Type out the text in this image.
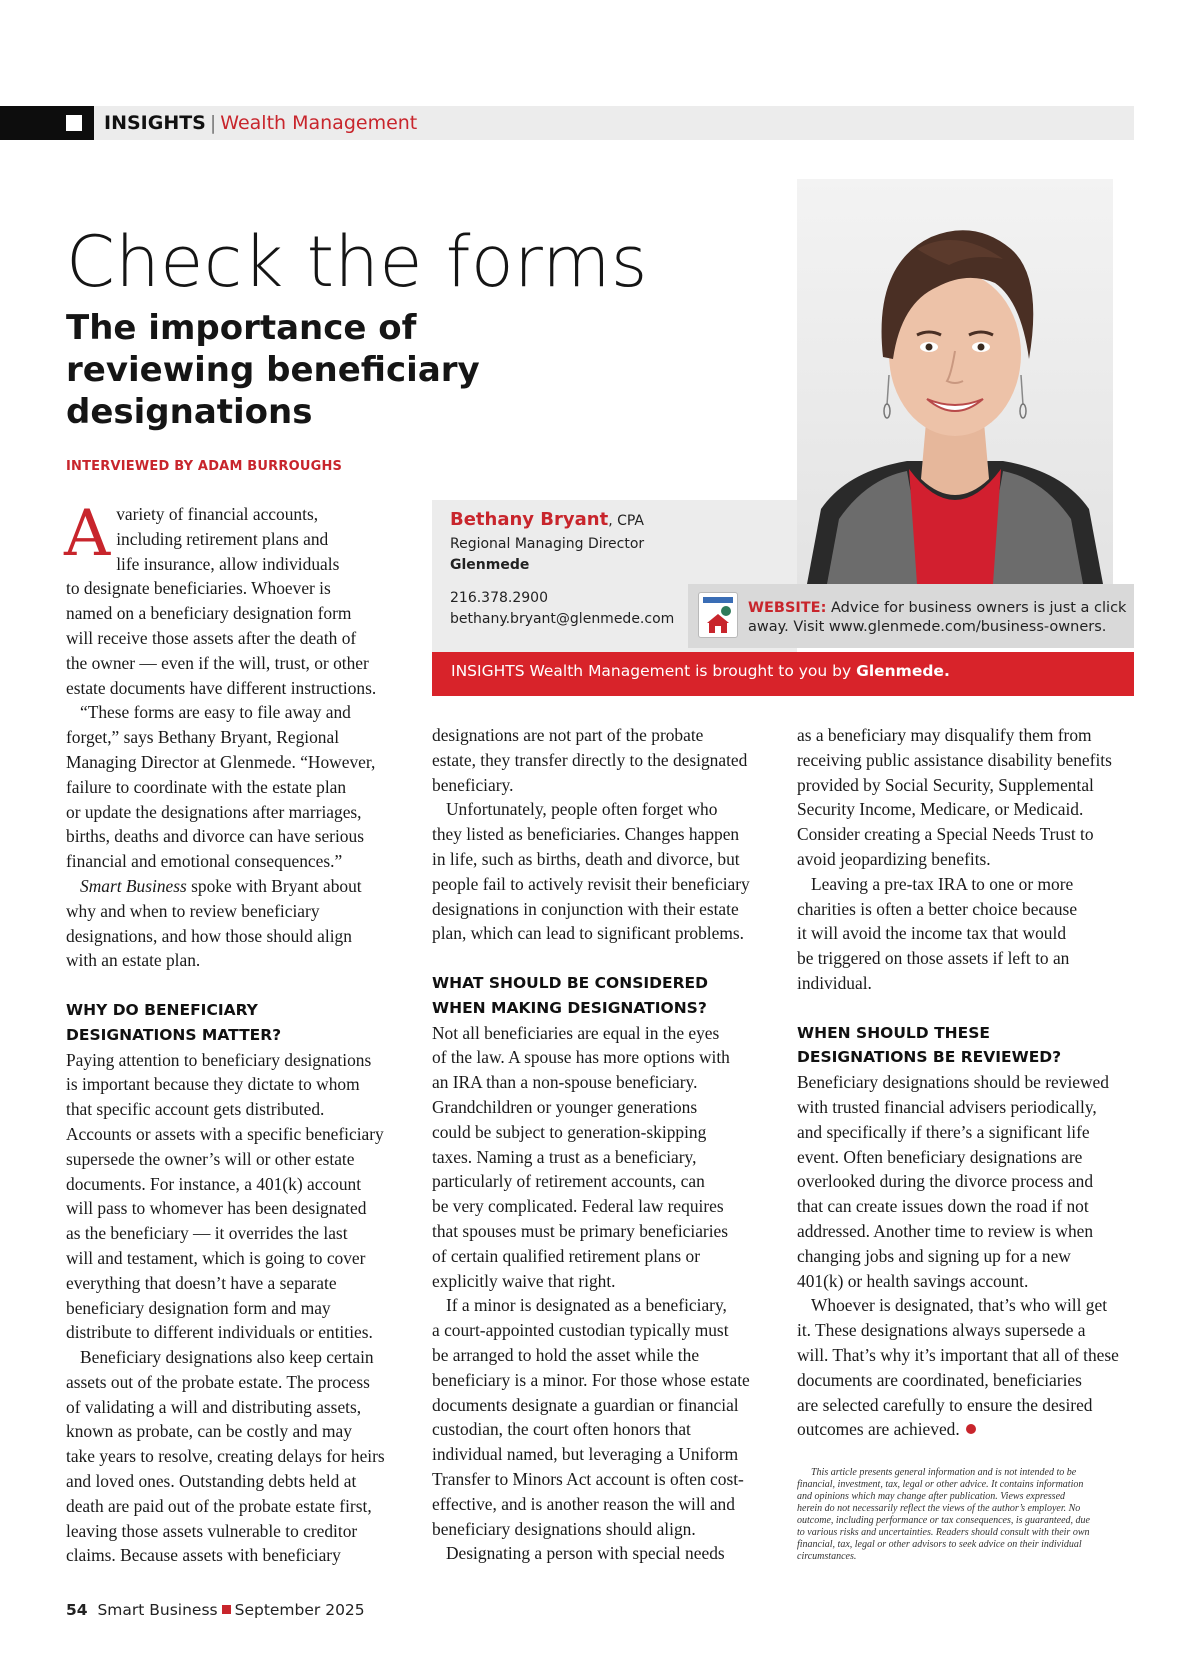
INSIGHTS | Wealth Management
Check the forms
The importance of reviewing beneficiary designations
INTERVIEWED BY ADAM BURROUGHS
Bethany Bryant, CPA
Regional Managing Director
Glenmede
216.378.2900
bethany.bryant@glenmede.com
WEBSITE: Advice for business owners is just a click
away. Visit www.glenmede.com/business-owners.
INSIGHTS Wealth Management is brought to you by Glenmede.
A variety of financial accounts,

including retirement plans and

life insurance, allow individuals

to designate beneficiaries. Whoever is

named on a beneficiary designation form

will receive those assets after the death of

the owner — even if the will, trust, or other

estate documents have different instructions.

“These forms are easy to file away and

forget,” says Bethany Bryant, Regional

Managing Director at Glenmede. “However,

failure to coordinate with the estate plan

or update the designations after marriages,

births, deaths and divorce can have serious

financial and emotional consequences.”

Smart Business spoke with Bryant about

why and when to review beneficiary

designations, and how those should align

with an estate plan.

WHY DO BENEFICIARY
DESIGNATIONS MATTER?

Paying attention to beneficiary designations

is important because they dictate to whom

that specific account gets distributed.

Accounts or assets with a specific beneficiary

supersede the owner’s will or other estate

documents. For instance, a 401(k) account

will pass to whomever has been designated

as the beneficiary — it overrides the last

will and testament, which is going to cover

everything that doesn’t have a separate

beneficiary designation form and may

distribute to different individuals or entities.

Beneficiary designations also keep certain

assets out of the probate estate. The process

of validating a will and distributing assets,

known as probate, can be costly and may

take years to resolve, creating delays for heirs

and loved ones. Outstanding debts held at

death are paid out of the probate estate first,

leaving those assets vulnerable to creditor

claims. Because assets with beneficiary

designations are not part of the probate

estate, they transfer directly to the designated

beneficiary.

Unfortunately, people often forget who

they listed as beneficiaries. Changes happen

in life, such as births, death and divorce, but

people fail to actively revisit their beneficiary

designations in conjunction with their estate

plan, which can lead to significant problems.

WHAT SHOULD BE CONSIDERED
WHEN MAKING DESIGNATIONS?

Not all beneficiaries are equal in the eyes

of the law. A spouse has more options with

an IRA than a non-spouse beneficiary.

Grandchildren or younger generations

could be subject to generation-skipping

taxes. Naming a trust as a beneficiary,

particularly of retirement accounts, can

be very complicated. Federal law requires

that spouses must be primary beneficiaries

of certain qualified retirement plans or

explicitly waive that right.

If a minor is designated as a beneficiary,

a court-appointed custodian typically must

be arranged to hold the asset while the

beneficiary is a minor. For those whose estate

documents designate a guardian or financial

custodian, the court often honors that

individual named, but leveraging a Uniform

Transfer to Minors Act account is often cost-

effective, and is another reason the will and

beneficiary designations should align.

Designating a person with special needs

as a beneficiary may disqualify them from

receiving public assistance disability benefits

provided by Social Security, Supplemental

Security Income, Medicare, or Medicaid.

Consider creating a Special Needs Trust to

avoid jeopardizing benefits.

Leaving a pre-tax IRA to one or more

charities is often a better choice because

it will avoid the income tax that would

be triggered on those assets if left to an

individual.

WHEN SHOULD THESE
DESIGNATIONS BE REVIEWED?

Beneficiary designations should be reviewed

with trusted financial advisers periodically,

and specifically if there’s a significant life

event. Often beneficiary designations are

overlooked during the divorce process and

that can create issues down the road if not

addressed. Another time to review is when

changing jobs and signing up for a new

401(k) or health savings account.

Whoever is designated, that’s who will get

it. These designations always supersede a

will. That’s why it’s important that all of these

documents are coordinated, beneficiaries

are selected carefully to ensure the desired

outcomes are achieved.

This article presents general information and is not intended to be

financial, investment, tax, legal or other advice. It contains information

and opinions which may change after publication. Views expressed

herein do not necessarily reflect the views of the author’s employer. No

outcome, including performance or tax consequences, is guaranteed, due

to various risks and uncertainties. Readers should consult with their own

financial, tax, legal or other advisors to seek advice on their individual

circumstances.

54 Smart Business September 2025
